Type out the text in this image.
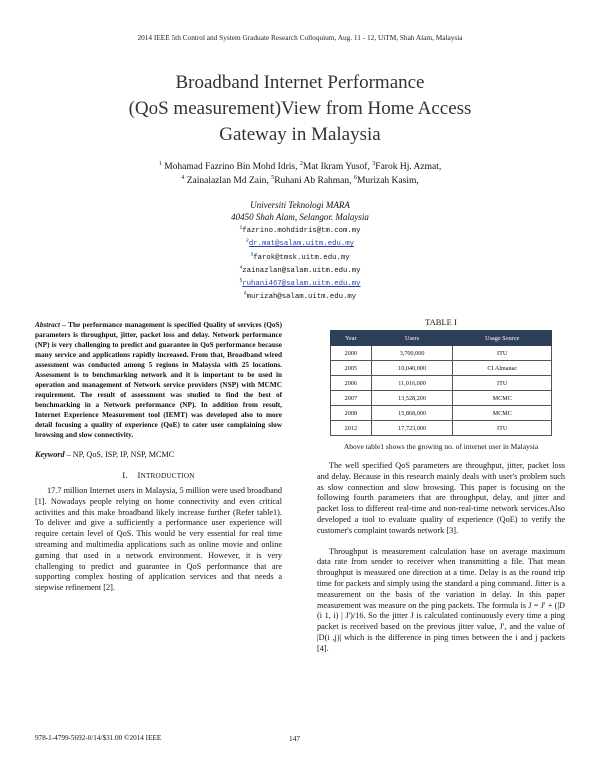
2014 IEEE 5th Control and System Graduate Research Colloquium, Aug. 11 - 12, UiTM, Shah Alam, Malaysia
Broadband Internet Performance
(QoS measurement)View from Home Access
Gateway in Malaysia
$^1$ Mohamad Fazrino Bin Mohd Idris, $^2$Mat Ikram Yusof, $^3$Farok Hj. Azmat,
$^4$ Zainalazlan Md Zain, $^5$Ruhani Ab Rahman, $^6$Murizah Kasim,
Universiti Teknologi MARA
40450 Shah Alam, Selangor. Malaysia
$^1$fazrino.mohdidris@tm.com.my
$^2$dr.mat@salam.uitm.edu.my
$^3$farok@tmsk.uitm.edu.my
$^4$zainazlan@salam.uitm.edu.my
$^5$ruhani467@salam.uitm.edu.my
$^6$murizah@salam.uitm.edu.my
Abstract – The performance management is specified Quality of services (QoS) parameters is throughput, jitter, packet loss and delay. Network performance (NP) is very challenging to predict and guarantee in QoS performance because many service and applications rapidly increased. From that, Broadband wired assessment was conducted among 5 regions in Malaysia with 25 locations. Assessment is to benchmarking network and it is important to be used in operation and management of Network service providers (NSP) with MCMC requirement. The result of assessment was studied to find the best of benchmarking in a Network performance (NP). In addition from result, Internet Experience Measurement tool (IEMT) was developed also to more detail focusing a quality of experience (QoE) to cater user complaining slow browsing and slow connectivity.
Keyword – NP, QoS, ISP, IP, NSP, MCMC
I. INTRODUCTION
17.7 million Internet users in Malaysia, 5 million were used broadband [1]. Nowadays people relying on home connectivity and even critical activities and this make broadband likely increase further (Refer table1). To deliver and give a sufficiently a performance user experience will require certain level of QoS. This would be very essential for real time streaming and multimedia applications such as online movie and online gaming that used in a network environment. However, it is very challenging to predict and guarantee in QoS performance that are supporting complex hosting of application services and that needs a stepwise refinement [2].
TABLE I
Year	Users	Usage Source
2000	3,700,000	ITU
2005	10,040,000	CI Almanac
2006	11,016,000	ITU
2007	13,528,200	MCMC
2008	15,868,000	MCMC
2012	17,723,000	ITU
Above table1 shows the growing no. of internet user in Malaysia
The well specified QoS parameters are throughput, jitter, packet loss and delay. Because in this research mainly deals with user's problem such as slow connection and slow browsing. This paper is focusing on the following fourth parameters that are throughput, delay, and jitter and packet loss to different real-time and non-real-time network services.Also developed a tool to evaluate quality of experience (QoE) to verify the customer's complaint towards network [3].
Throughput is measurement calculation base on average maximum data rate from sender to receiver when transmitting a file. That mean throughput is measured one direction at a time. Delay is as the round trip time for packets and simply using the standard a ping command. Jitter is a measurement on the basis of the variation in delay. In this paper measurement was measure on the ping packets. The formula is J = J' + (|D (i 1, i) | J')/16. So the jitter J is calculated continuously every time a ping packet is received based on the previous jitter value, J', and the value of |D(i ,j)| which is the difference in ping times between the i and j packets [4].
978-1-4799-5692-0/14/$31.00 ©2014 IEEE	147
